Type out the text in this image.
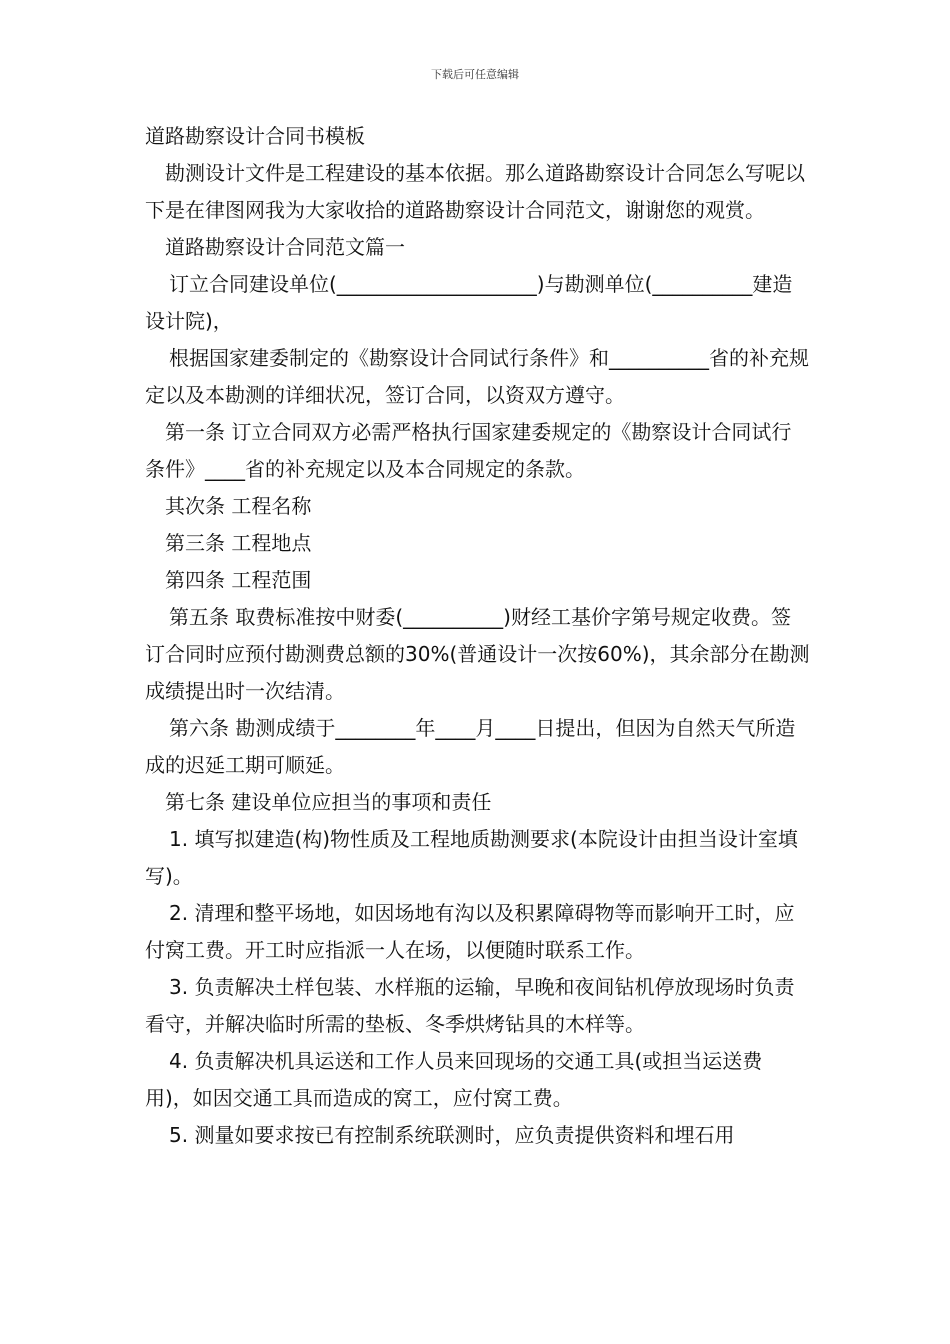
下载后可任意编辑

道路勘察设计合同书模板

勘测设计文件是工程建设的基本依据。那么道路勘察设计合同怎么写呢以下是在律图网我为大家收拾的道路勘察设计合同范文，谢谢您的观赏。

道路勘察设计合同范文篇一

订立合同建设单位(____________________)与勘测单位(__________建造设计院)，

根据国家建委制定的《勘察设计合同试行条件》和__________省的补充规定以及本勘测的详细状况，签订合同，以资双方遵守。

第一条 订立合同双方必需严格执行国家建委规定的《勘察设计合同试行条件》____省的补充规定以及本合同规定的条款。

其次条 工程名称

第三条 工程地点

第四条 工程范围

第五条 取费标准按中财委(__________)财经工基价字第号规定收费。签订合同时应预付勘测费总额的30%(普通设计一次按60%)，其余部分在勘测成绩提出时一次结清。

第六条 勘测成绩于________年____月____日提出，但因为自然天气所造成的迟延工期可顺延。

第七条 建设单位应担当的事项和责任

1. 填写拟建造(构)物性质及工程地质勘测要求(本院设计由担当设计室填写)。

2. 清理和整平场地，如因场地有沟以及积累障碍物等而影响开工时，应付窝工费。开工时应指派一人在场，以便随时联系工作。

3. 负责解决土样包装、水样瓶的运输，早晚和夜间钻机停放现场时负责看守，并解决临时所需的垫板、冬季烘烤钻具的木样等。

4. 负责解决机具运送和工作人员来回现场的交通工具(或担当运送费用)，如因交通工具而造成的窝工，应付窝工费。

5. 测量如要求按已有控制系统联测时，应负责提供资料和埋石用
